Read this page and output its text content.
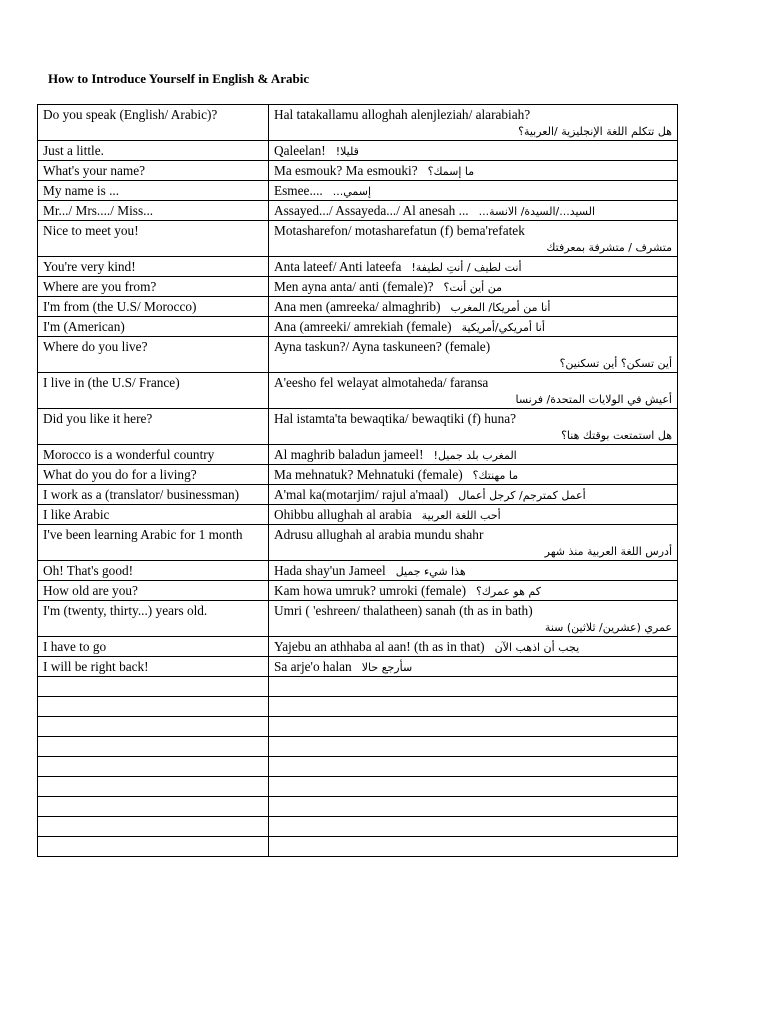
How to Introduce Yourself in English & Arabic
Do you speak (English/ Arabic)?	Hal tatakallamu alloghah alenjleziah/ alarabiah?
هل تتكلم اللغة الإنجليزية /العربية؟

Just a little.	Qaleelan! قليلا!
What's your name?	Ma esmouk? Ma esmouki? ما إسمك؟
My name is ...	Esmee.... إسمي...
Mr.../ Mrs..../ Miss...	Assayed.../ Assayeda.../ Al anesah ... السيد.../السيدة/ الانسة...
Nice to meet you!	Motasharefon/ motasharefatun (f) bema'refatek
متشرف / متشرفة بمعرفتك

You're very kind!	Anta lateef/ Anti lateefa أنت لطيف / أنتِ لطيفة!
Where are you from?	Men ayna anta/ anti (female)? من أين أنت؟
I'm from (the U.S/ Morocco)	Ana men (amreeka/ almaghrib) أنا من أمريكا/ المغرب
I'm (American)	Ana (amreeki/ amrekiah (female) أنا أمريكي/أمريكية
Where do you live?	Ayna taskun?/ Ayna taskuneen? (female)
أين تسكن؟ أين تسكنين؟

I live in (the U.S/ France)	A'eesho fel welayat almotaheda/ faransa
أعيش في الولايات المتحدة/ فرنسا

Did you like it here?	Hal istamta'ta bewaqtika/ bewaqtiki (f) huna?
هل استمتعت بوقتك هنا؟

Morocco is a wonderful country	Al maghrib baladun jameel! المغرب بلد جميل!
What do you do for a living?	Ma mehnatuk? Mehnatuki (female) ما مهنتك؟
I work as a (translator/ businessman)	A'mal ka(motarjim/ rajul a'maal) أعمل كمترجم/ كرجل أعمال
I like Arabic	Ohibbu allughah al arabia أحب اللغة العربية
I've been learning Arabic for 1 month	Adrusu allughah al arabia mundu shahr
أدرس اللغة العربية منذ شهر

Oh! That's good!	Hada shay'un Jameel هذا شيء جميل
How old are you?	Kam howa umruk? umroki (female) كم هو عمرك؟
I'm (twenty, thirty...) years old.	Umri ( 'eshreen/ thalatheen) sanah (th as in bath)
عمري (عشرين/ ثلاثين) سنة

I have to go	Yajebu an athhaba al aan! (th as in that) يجب أن اذهب الآن
I will be right back!	Sa arje'o halan سأرجع حالا
